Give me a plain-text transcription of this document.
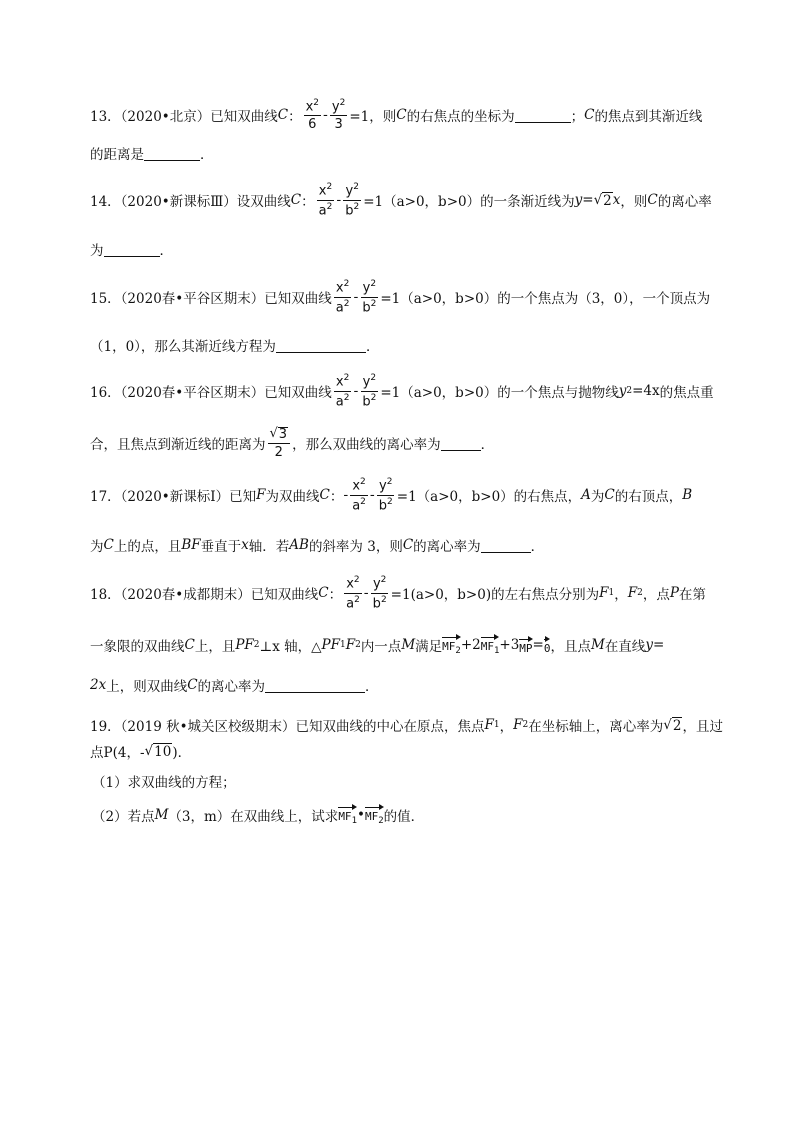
13．（2020•北京）已知双曲线 C ： $\frac{x^2}{6} - \frac{y^2}{3} =1$，则 C 的右焦点的坐标为	； C 的焦点到其渐近线
的距离是	．
14．（2020•新课标Ⅲ）设双曲线 C ： $\frac{x^2}{a^2} - \frac{y^2}{b^2} =1(a>0$，b>0）的一条渐近线为 y= √ 2 x ，则 C 的离心率
为	．
15．（2020春•平谷区期末）已知双曲线 $\frac{x^2}{a^2} - \frac{y^2}{b^2} =1(a>0$，b>0）的一个焦点为（3，0），一个顶点为
（1，0），那么其渐近线方程为	．
16．（2020春•平谷区期末）已知双曲线 $\frac{x^2}{a^2} - \frac{y^2}{b^2} =1(a>0$，b>0）的一个焦点与抛物线 y 2 =4x 的焦点重
合，且焦点到渐近线的距离为 $\frac{√ 3}{2}$ ，那么双曲线的离心率为	．
17．（2020•新课标Ⅰ）已知 F 为双曲线 C ： - $\frac{x^2}{a^2} - \frac{y^2}{b^2} =1(a>0$，b>0）的右焦点， A 为 C 的右顶点， B
为 C 上的点，且 BF 垂直于 x 轴．若 AB 的斜率为 3，则 C 的离心率为	．
18．（2020春•成都期末）已知双曲线 C ： $\frac{x^2}{a^2} - \frac{y^2}{b^2} =1(a>0$，b>0)的左右焦点分别为 F 1 ， F 2 ，点 P 在第
一象限的双曲线 C 上，且 PF 2 ⊥x 轴，△ PF 1 F 2 内一点 M 满足 $MF_2 +2$ $MF_1 +3$ MP = 0 ，且点 M 在直线 y=
2x 上，则双曲线 C 的离心率为	．
19．（2019 秋•城关区校级期末）已知双曲线的中心在原点，焦点 F 1 ， F 2 在坐标轴上，离心率为 √ 2 ，且过
点P(4，- √ 10 )．
（1）求双曲线的方程；
（2）若点 M （3，m）在双曲线上，试求 $MF_1$ • $MF_2$ 的值．
